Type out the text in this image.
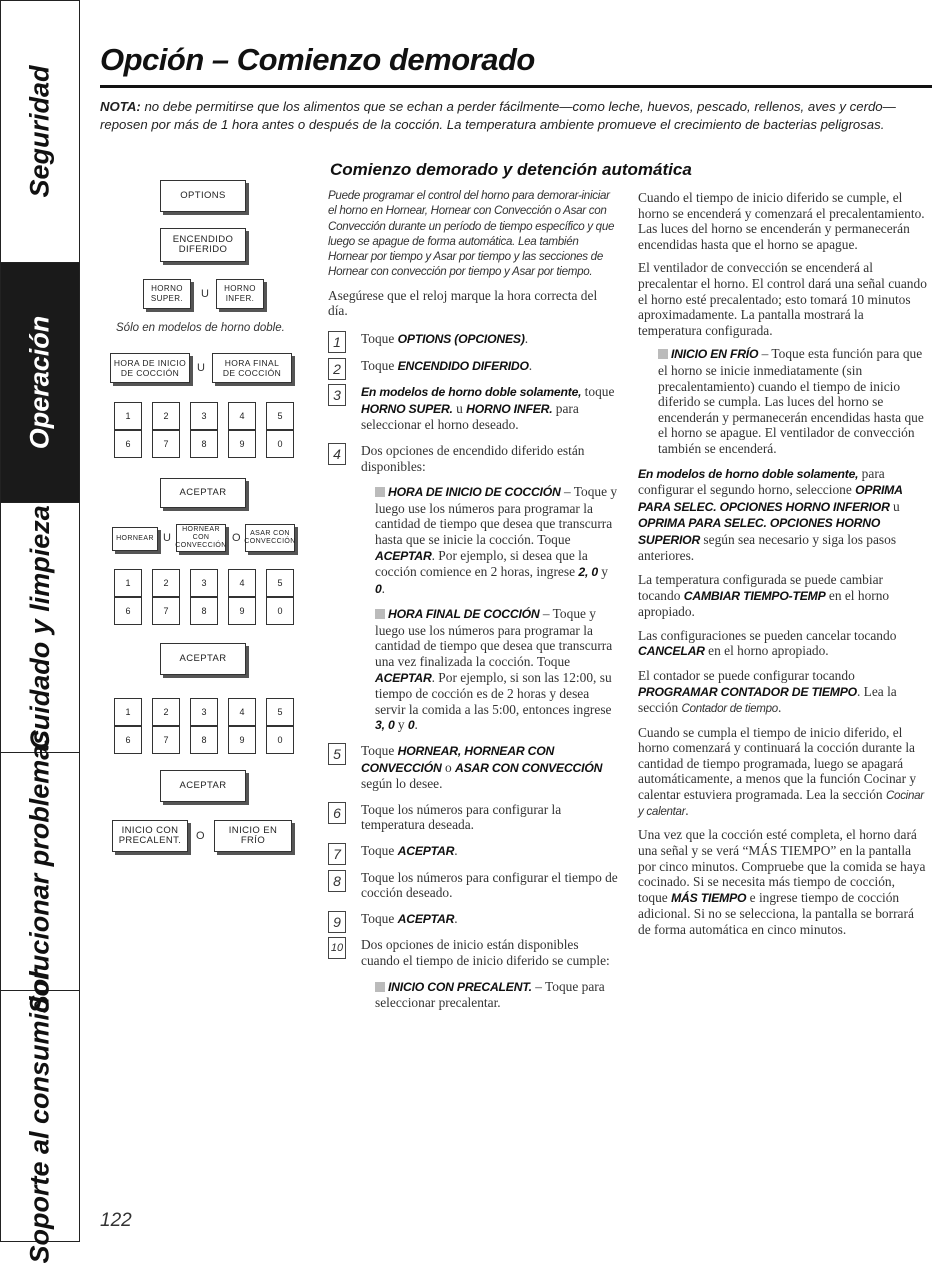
Seguridad
Operación
Cuidado y limpieza
Solucionar problemas
Soporte al consumidor
Opción – Comienzo demorado
NOTA: no debe permitirse que los alimentos que se echan a perder fácilmente—como leche, huevos, pescado, rellenos, aves y cerdo— reposen por más de 1 hora antes o después de la cocción. La temperatura ambiente promueve el crecimiento de bacterias peligrosas.
Comienzo demorado y detención automática
OPTIONS
ENCENDIDO
DIFERIDO
HORNO
SUPER. U HORNO
INFER.
Sólo en modelos de horno doble.
HORA DE INICIO
DE COCCIÓN U HORA FINAL
DE COCCIÓN
1	2	3	4	5
6	7	8	9	0
ACEPTAR
HORNEAR U
HORNEAR CON
CONVECCIÓN
O ASAR CON
CONVECCIÓN
1	2	3	4	5
6	7	8	9	0
ACEPTAR
1	2	3	4	5
6	7	8	9	0
ACEPTAR
INICIO CON
PRECALENT. O	INICIO EN
FRÍO

Puede programar el control del horno para demorar-iniciar el horno en Hornear, Hornear con Convección o Asar con Convección durante un período de tiempo específico y que luego se apague de forma automática. Lea también Hornear por tiempo y Asar por tiempo y las secciones de Hornear con convección por tiempo y Asar por tiempo.

Asegúrese que el reloj marque la hora correcta del día.

1	Toque OPTIONS (OPCIONES).
2	Toque ENCENDIDO DIFERIDO.
3	En modelos de horno doble solamente, toque HORNO SUPER. u HORNO INFER. para seleccionar el horno deseado.
4	Dos opciones de encendido diferido están disponibles:
HORA DE INICIO DE COCCIÓN – Toque y luego use los números para programar la cantidad de tiempo que desea que transcurra hasta que se inicie la cocción. Toque ACEPTAR. Por ejemplo, si desea que la cocción comience en 2 horas, ingrese 2, 0 y 0.
HORA FINAL DE COCCIÓN – Toque y luego use los números para programar la cantidad de tiempo que desea que transcurra una vez finalizada la cocción. Toque ACEPTAR. Por ejemplo, si son las 12:00, su tiempo de cocción es de 2 horas y desea servir la comida a las 5:00, entonces ingrese 3, 0 y 0.
5	Toque HORNEAR, HORNEAR CON CONVECCIÓN o ASAR CON CONVECCIÓN según lo desee.
6	Toque los números para configurar la temperatura deseada.
7	Toque ACEPTAR.
8	Toque los números para configurar el tiempo de cocción deseado.
9	Toque ACEPTAR.
10 Dos opciones de inicio están disponibles cuando el tiempo de inicio diferido se cumple:
INICIO CON PRECALENT. – Toque para seleccionar precalentar.

Cuando el tiempo de inicio diferido se cumple, el horno se encenderá y comenzará el precalentamiento. Las luces del horno se encenderán y permanecerán encendidas hasta que el horno se apague.

El ventilador de convección se encenderá al precalentar el horno. El control dará una señal cuando el horno esté precalentado; esto tomará 10 minutos aproximadamente. La pantalla mostrará la temperatura configurada.

INICIO EN FRÍO – Toque esta función para que el horno se inicie inmediatamente (sin precalentamiento) cuando el tiempo de inicio diferido se cumpla. Las luces del horno se encenderán y permanecerán encendidas hasta que el horno se apague. El ventilador de convección también se encenderá.

En modelos de horno doble solamente, para configurar el segundo horno, seleccione OPRIMA PARA SELEC. OPCIONES HORNO INFERIOR u OPRIMA PARA SELEC. OPCIONES HORNO SUPERIOR según sea necesario y siga los pasos anteriores.

La temperatura configurada se puede cambiar tocando CAMBIAR TIEMPO-TEMP en el horno apropiado.

Las configuraciones se pueden cancelar tocando CANCELAR en el horno apropiado.

El contador se puede configurar tocando PROGRAMAR CONTADOR DE TIEMPO. Lea la sección Contador de tiempo.

Cuando se cumpla el tiempo de inicio diferido, el horno comenzará y continuará la cocción durante la cantidad de tiempo programada, luego se apagará automáticamente, a menos que la función Cocinar y calentar estuviera programada. Lea la sección Cocinar y calentar.

Una vez que la cocción esté completa, el horno dará una señal y se verá “MÁS TIEMPO” en la pantalla por cinco minutos. Compruebe que la comida se haya cocinado. Si se necesita más tiempo de cocción, toque MÁS TIEMPO e ingrese tiempo de cocción adicional. Si no se selecciona, la pantalla se borrará de forma automática en cinco minutos.

122
